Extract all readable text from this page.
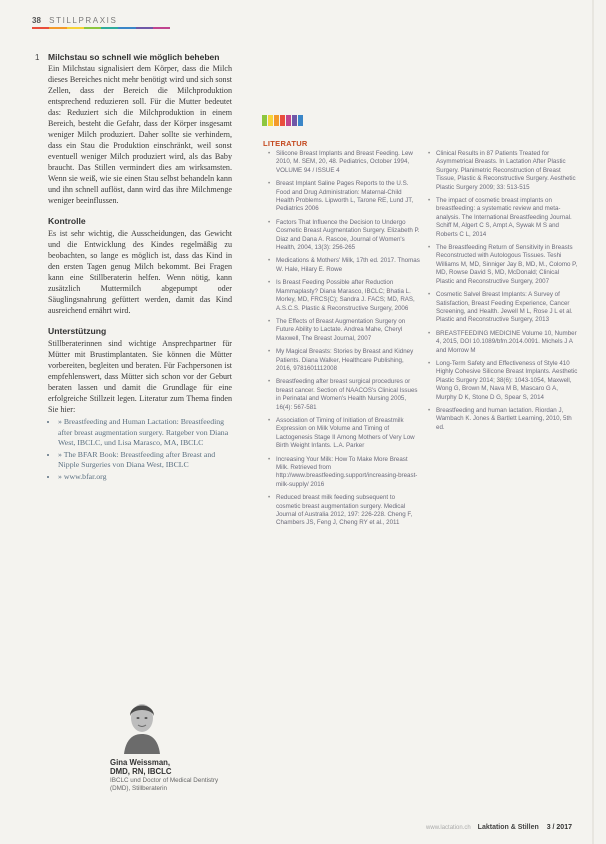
38 STILLPRAXIS
1 Milchstau so schnell wie möglich beheben

Ein Milchstau signalisiert dem Körper, dass die Milch dieses Bereiches nicht mehr benötigt wird und sich sonst Zellen, dass der Bereich die Milchproduktion entsprechend reduzieren soll. Für die Mutter bedeutet das: Reduziert sich die Milchproduktion in einem Bereich, besteht die Gefahr, dass der Körper insgesamt weniger Milch produziert. Daher sollte sie verhindern, dass ein Stau die Produktion einschränkt, weil sonst eventuell weniger Milch produziert wird, als das Baby braucht. Das Stillen vermindert dies am wirksamsten. Wenn sie weiß, wie sie einen Stau selbst behandeln kann und ihn schnell auflöst, dann wird das ihre Milchmenge weniger beeinflussen.

Kontrolle

Es ist sehr wichtig, die Ausscheidungen, das Gewicht und die Entwicklung des Kindes regelmäßig zu beobachten, so lange es möglich ist, dass das Kind in den ersten Tagen genug Milch bekommt. Bei Fragen kann eine Stillberaterin helfen. Wenn nötig, kann zusätzlich Muttermilch abgepumpt oder Säuglingsnahrung gefüttert werden, damit das Kind ausreichend ernährt wird.

Unterstützung

Stillberaterinnen sind wichtige Ansprechpartner für Mütter mit Brustimplantaten. Sie können die Mütter vorbereiten, begleiten und beraten. Für Fachpersonen ist empfehlenswert, dass Mütter sich schon vor der Geburt beraten lassen und damit die Grundlage für eine erfolgreiche Stillzeit legen. Literatur zum Thema finden Sie hier:

• » Breastfeeding and Human Lactation: Breastfeeding after breast augmentation surgery. Ratgeber von Diana West, IBCLC, und Lisa Marasco, MA, IBCLC
• » The BFAR Book: Breastfeeding after Breast and Nipple Surgeries von Diana West, IBCLC
• » www.bfar.org
Gina Weissman,
DMD, RN, IBCLC
IBCLC und Doctor of Medical Dentistry (DMD), Stillberaterin
LITERATUR
• Silicone Breast Implants and Breast Feeding. Lew 2010, M. SEM, 20, 48. Pediatrics, October 1994, VOLUME 94 / ISSUE 4
• Breast Implant Saline Pages Reports to the U.S. Food and Drug Administration: Maternal-Child Health Problems. Lipworth L, Tarone RE, Lund JT, Pediatrics 2006
• Factors That Influence the Decision to Undergo Cosmetic Breast Augmentation Surgery. Elizabeth P. Diaz and Dana A. Rascoe, Journal of Women's Health, 2004, 13(3): 256-265
• Medications & Mothers' Milk, 17th ed. 2017. Thomas W. Hale, Hilary E. Rowe
• Is Breast Feeding Possible after Reduction Mammaplasty? Diana Marasco, IBCLC; Bhatia L. Morley, MD, FRCS(C); Sandra J. FACS; MD, RAS, A.S.C.S. Plastic & Reconstructive Surgery, 2006
• The Effects of Breast Augmentation Surgery on Future Ability to Lactate. Andrea Mahe, Cheryl Maxwell, The Breast Journal, 2007
• My Magical Breasts: Stories by Breast and Kidney Patients. Diana Walker, Healthcare Publishing, 2016, 9781601112008
• Breastfeeding after breast surgical procedures or breast cancer. Section of NAACOS's Clinical Issues in Perinatal and Women's Health Nursing 2005, 16(4): 567-581
• Association of Timing of Initiation of Breastmilk Expression on Milk Volume and Timing of Lactogenesis Stage II Among Mothers of Very Low Birth Weight Infants. L.A. Parker
• Increasing Your Milk: How To Make More Breast Milk. Retrieved from http://www.breastfeeding.support/increasing-breast-milk-supply/ 2016
• Reduced breast milk feeding subsequent to cosmetic breast augmentation surgery. Medical Journal of Australia 2012, 197: 226-228. Cheng F, Chambers JS, Feng J, Cheng RY et al., 2011
• Clinical Results in 87 Patients Treated for Asymmetrical Breasts. In Lactation After Plastic Surgery. Planimetric Reconstruction of Breast Tissue, Plastic & Reconstructive Surgery. Aesthetic Plastic Surgery 2009; 33: 513-515
• The impact of cosmetic breast implants on breastfeeding: a systematic review and meta-analysis. The International Breastfeeding Journal. Schiff M, Algert C S, Ampt A, Sywak M S and Roberts C L, 2014
• The Breastfeeding Return of Sensitivity in Breasts Reconstructed with Autologous Tissues. Teshi Williams M, MD, Sinniger Jay B, MD, M., Colomo P, MD, Rowse David S, MD, McDonald; Clinical Plastic and Reconstructive Surgery, 2007
• Cosmetic Salvel Breast Implants: A Survey of Satisfaction, Breast Feeding Experience, Cancer Screening, and Health. Jewell M L, Rose J L et al. Plastic and Reconstructive Surgery, 2013
• BREASTFEEDING MEDICINE Volume 10, Number 4, 2015, DOI 10.1089/bfm.2014.0091. Michels J A and Morrow M
• Long-Term Safety and Effectiveness of Style 410 Highly Cohesive Silicone Breast Implants. Aesthetic Plastic Surgery 2014; 38(6): 1043-1054, Maxwell, Wong G, Brown M, Nava M B, Mascaro G A, Murphy D K, Stone D G, Spear S, 2014
• Breastfeeding and human lactation. Riordan J, Wambach K. Jones & Bartlett Learning, 2010, 5th ed.
www.lactation.ch Laktation & Stillen 3 / 2017
